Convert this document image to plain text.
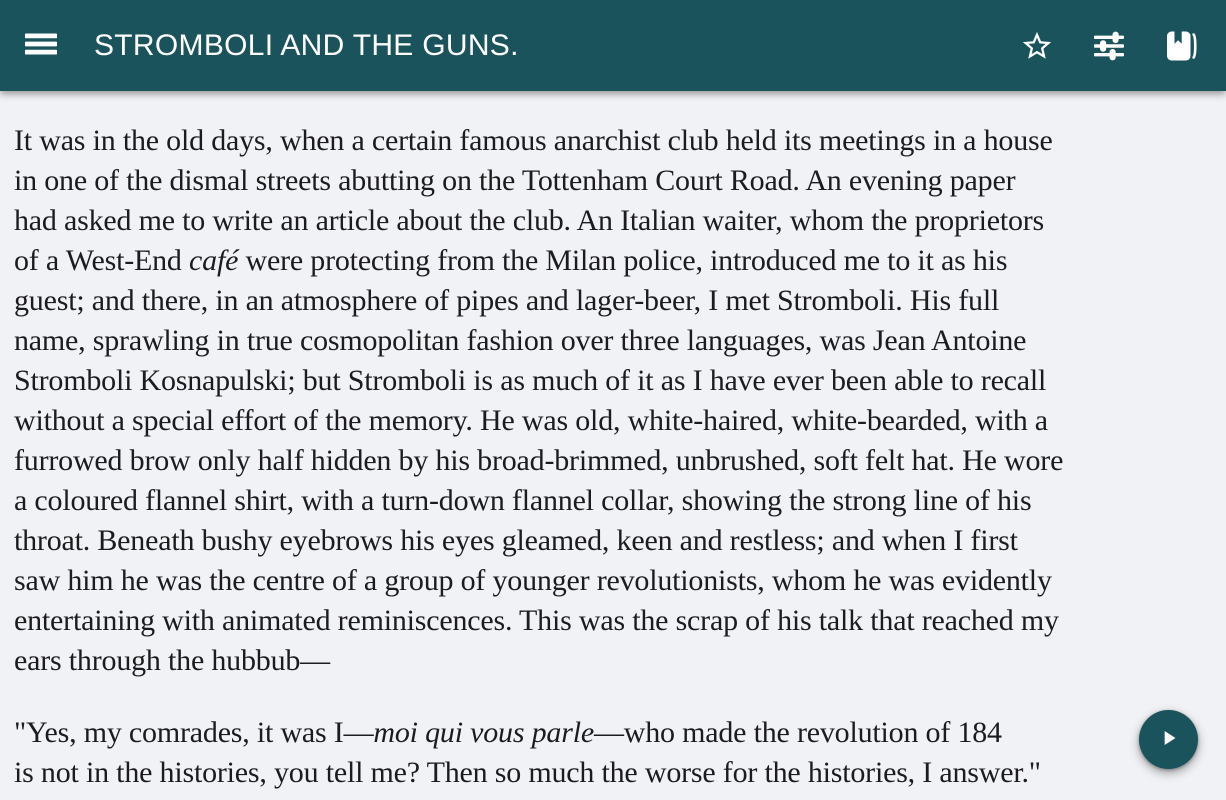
STROMBOLI AND THE GUNS.
It was in the old days, when a certain famous anarchist club held its meetings in a house
in one of the dismal streets abutting on the Tottenham Court Road. An evening paper
had asked me to write an article about the club. An Italian waiter, whom the proprietors
of a West-End café were protecting from the Milan police, introduced me to it as his
guest; and there, in an atmosphere of pipes and lager-beer, I met Stromboli. His full
name, sprawling in true cosmopolitan fashion over three languages, was Jean Antoine
Stromboli Kosnapulski; but Stromboli is as much of it as I have ever been able to recall
without a special effort of the memory. He was old, white-haired, white-bearded, with a
furrowed brow only half hidden by his broad-brimmed, unbrushed, soft felt hat. He wore
a coloured flannel shirt, with a turn-down flannel collar, showing the strong line of his
throat. Beneath bushy eyebrows his eyes gleamed, keen and restless; and when I first
saw him he was the centre of a group of younger revolutionists, whom he was evidently
entertaining with animated reminiscences. This was the scrap of his talk that reached my
ears through the hubbub—
"Yes, my comrades, it was I—moi qui vous parle—who made the revolution of 184
is not in the histories, you tell me? Then so much the worse for the histories, I answer."
